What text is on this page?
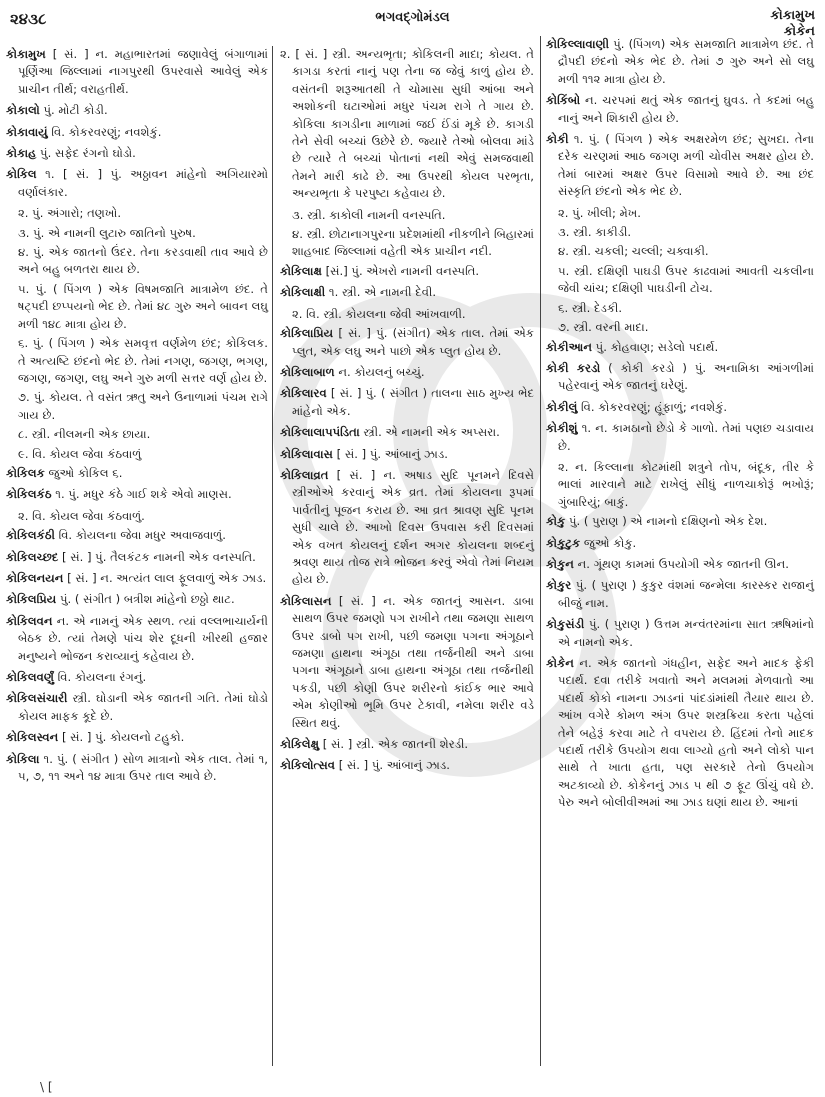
૨૪૩૮	ભગવદ્ગોમંડલ	કોકામુખ
કોકેન
કોકામુખ [ સં. ] ન. મહાભારતમાં જણાવેલું બંગાળામાં પૂર્ણિઆ જિલ્લામાં નાગપુરથી ઉપરવાસે આવેલું એક પ્રાચીન તીર્થ; વરાહતીર્થ.
કોકાલો પું. મોટી કોડી.
કોકાવાયું વિ. કોકરવરણું; નવશેકું.
કોકાહ પું. સફેદ રંગનો ઘોડો.
કોકિલ ૧. [ સં. ] પું. અઠ્ઠાવન માંહેનો અગિયારમો વર્ણાલંકાર.
૨. પું. અંગારો; તણખો.
૩. પું. એ નામની લુટારુ જાતિનો પુરુષ.
૪. પું. એક જાતનો ઉંદર. તેના કરડવાથી તાવ આવે છે અને બહુ બળતરા થાય છે.
૫. પું. ( પિંગળ ) એક વિષમજાતિ માત્રામેળ છંદ. તે ષટ્પદી છપ્પયનો ભેદ છે. તેમાં ૪૮ ગુરુ અને બાવન લઘુ મળી ૧૪૮ માત્રા હોય છે.
૬. પું. ( પિંગળ ) એક સમવૃત્ત વર્ણમેળ છંદ; કોકિલક. તે અત્યષ્ટિ છંદનો ભેદ છે. તેમાં નગણ, જગણ, ભગણ, જગણ, જગણ, લઘુ અને ગુરુ મળી સત્તર વર્ણ હોય છે.
૭. પું. કોયલ. તે વસંત ઋતુ અને ઉનાળામાં પંચમ રાગે ગાય છે.
૮. સ્ત્રી. નીલમની એક છાયા.
૯. વિ. કોયલ જેવા કંઠવાળું
કોકિલક જુઓ કોકિલ ૬.
કોકિલકંઠ ૧. પું. મધુર કંઠે ગાઈ શકે એવો માણસ.
૨. વિ. કોયલ જેવા કંઠવાળું.
કોકિલકંઠી વિ. કોયલના જેવા મધુર અવાજવાળું.
કોકિલચ્છદ [ સં. ] પું. તૈલકંટક નામની એક વનસ્પતિ.
કોકિલનયન [ સં. ] ન. અત્યંત લાલ ફૂલવાળું એક ઝાડ.
કોકિલપ્રિય પું. ( સંગીત ) બત્રીશ માંહેનો છઠ્ઠો થાટ.
કોકિલવન ન. એ નામનું એક સ્થળ. ત્યાં વલ્લભાચાર્યની બેઠક છે. ત્યાં તેમણે પાંચ શેર દૂધની ખીરથી હજાર મનુષ્યને ભોજન કરાવ્યાનું કહેવાય છે.
કોકિલવર્ણું વિ. કોયલના રંગનું.
કોકિલસંચારી સ્ત્રી. ઘોડાની એક જાતની ગતિ. તેમાં ઘોડો કોયલ માફક કૂદે છે.
કોકિલસ્વન [ સં. ] પું. કોયલનો ટહુકો.
કોકિલા ૧. પું. ( સંગીત ) સોળ માત્રાનો એક તાલ. તેમાં ૧, ૫, ૭, ૧૧ અને ૧૪ માત્રા ઉપર તાલ આવે છે.
૨. [ સં. ] સ્ત્રી. અન્યભૃતા; કોકિલની માદા; કોયલ. તે કાગડા કરતાં નાનું પણ તેના જ જેવું કાળું હોય છે. વસંતની શરૂઆતથી તે ચોમાસા સુધી આંબા અને અશોકની ઘટાઓમાં મધુર પંચમ રાગે તે ગાય છે. કોકિલા કાગડીના માળામાં જઈ ઈંડાં મૂકે છે. કાગડી તેને સેવી બચ્ચાં ઉછેરે છે. જ્યારે તેઓ બોલવા માંડે છે ત્યારે તે બચ્ચાં પોતાનાં નથી એવું સમજવાથી તેમને મારી કાઢે છે. આ ઉપરથી કોયલ પરભૃતા, અન્યભૃતા કે પરપુષ્ટા કહેવાય છે.
૩. સ્ત્રી. કાકોલી નામની વનસ્પતિ.
૪. સ્ત્રી. છોટાનાગપુરના પ્રદેશમાંથી નીકળીને બિહારમાં શાહબાદ જિલ્લામાં વહેતી એક પ્રાચીન નદી.
કોકિલાક્ષ [સં.] પું. એખરો નામની વનસ્પતિ.
કોકિલાક્ષી ૧. સ્ત્રી. એ નામની દેવી.
૨. વિ. સ્ત્રી. કોયલના જેવી આંખવાળી.
કોકિલાપ્રિય [ સં. ] પું. (સંગીત) એક તાલ. તેમાં એક પ્લુત, એક લઘુ અને પાછો એક પ્લુત હોય છે.
કોકિલાબાળ ન. કોયલનું બચ્ચું.
કોકિલારવ [ સં. ] પું. ( સંગીત ) તાલના સાઠ મુખ્ય ભેદ માંહેનો એક.
કોકિલાલાપપંડિતા સ્ત્રી. એ નામની એક અપ્સરા.
કોકિલાવાસ [ સં. ] પું. આંબાનું ઝાડ.
કોકિલાવ્રત [ સં. ] ન. અષાડ સુદિ પૂનમને દિવસે સ્ત્રીઓએ કરવાનું એક વ્રત. તેમાં કોયલના રૂપમાં પાર્વતીનું પૂજન કરાય છે. આ વ્રત શ્રાવણ સુદિ પૂનમ સુધી ચાલે છે. આખો દિવસ ઉપવાસ કરી દિવસમાં એક વખત કોયલનું દર્શન અગર કોયલના શબ્દનું શ્રવણ થાય તોજ રાત્રે ભોજન કરવું એવો તેમાં નિયમ હોય છે.
કોકિલાસન [ સં. ] ન. એક જાતનું આસન. ડાબા સાથળ ઉપર જમણો પગ રાખીને તથા જમણા સાથળ ઉપર ડાબો પગ રાખી, પછી જમણા પગના અંગૂઠાને જમણા હાથના અંગૂઠા તથા તર્જનીથી અને ડાબા પગના અંગૂઠાને ડાબા હાથના અંગૂઠા તથા તર્જનીથી પકડી, પછી કોણી ઉપર શરીરનો કાંઈક ભાર આવે એમ કોણીઓ ભૂમિ ઉપર ટેકાવી, નમેલા શરીર વડે સ્થિત થવું.
કોકિલેક્ષુ [ સં. ] સ્ત્રી. એક જાતની શેરડી.
કોકિલોત્સવ [ સં. ] પું. આંબાનું ઝાડ.
કોકિલ્લાવાણી પું. (પિંગળ) એક સમજાતિ માત્રામેળ છંદ. તે દ્રૌપદી છંદનો એક ભેદ છે. તેમાં ૭ ગુરુ અને સો લઘુ મળી ૧૧૨ માત્રા હોય છે.
કોકિંબો ન. ચરપમાં થતું એક જાતનું ઘુવડ. તે કદમાં બહુ નાનું અને શિકારી હોય છે.
કોકી ૧. પું. ( પિંગળ ) એક અક્ષરમેળ છંદ; સુખદા. તેના દરેક ચરણમાં આઠ જગણ મળી ચોવીસ અક્ષર હોય છે. તેમાં બારમાં અક્ષર ઉપર વિસામો આવે છે. આ છંદ સંસ્કૃતિ છંદનો એક ભેદ છે.
૨. પું. ખીલી; મેખ.
૩. સ્ત્રી. કાકીડી.
૪. સ્ત્રી. ચકલી; ચલ્લી; ચક્વાકી.
૫. સ્ત્રી. દક્ષિણી પાઘડી ઉપર કાઢવામાં આવતી ચકલીના જેવી ચાંચ; દક્ષિણી પાઘડીની ટોચ.
૬. સ્ત્રી. દેડકી.
૭. સ્ત્રી. વરની માદા.
કોકીઆન પું. કોહવાણ; સડેલો પદાર્થ.
કોકી કરડો ( કોકી કરડો ) પું. અનામિકા આંગળીમાં પહેરવાનું એક જાતનું ઘરેણું.
કોકીલું વિ. કોકરવરણું; હૂંફાળું; નવશેકું.
કોકીશું ૧. ન. કામઠાનો છેડો કે ગાળો. તેમાં પણછ ચડાવાય છે.
૨. ન. કિલ્લાના કોટમાંથી શત્રુને તોપ, બંદૂક, તીર કે ભાલાં મારવાને માટે રાખેલું સીધું નાળચાકોરૂં ભખોરૂં; ગુંબારિયું; બાકું.
કોકુ પું. ( પુરાણ ) એ નામનો દક્ષિણનો એક દેશ.
કોકુટુક જુઓ કોકુ.
કોકુન ન. ગૂંથણ કામમાં ઉપયોગી એક જાતની ઊન.
કોકુર પું. ( પુરાણ ) કુકુર વંશમાં જન્મેલા કારસ્કર રાજાનું બીજું નામ.
કોકુસંડી પું. ( પુરાણ ) ઉત્તમ મન્વંતરમાંના સાત ઋષિમાંનો એ નામનો એક.
કોકેન ન. એક જાતનો ગંધહીન, સફેદ અને માદક ફેકી પદાર્થ. દવા તરીકે ખવાતો અને મલમમાં મેળવાતો આ પદાર્થ કોકો નામના ઝાડનાં પાંદડાંમાંથી તૈયાર થાય છે. આંખ વગેરે કોમળ અંગ ઉપર શસ્ત્રક્રિયા કરતા પહેલાં તેને બહેરૂં કરવા માટે તે વપરાય છે. હિંદમાં તેનો માદક પદાર્થ તરીકે ઉપયોગ થવા લાગ્યો હતો અને લોકો પાન સાથે તે ખાતા હતા, પણ સરકારે તેનો ઉપયોગ અટકાવ્યો છે. કોકેનનું ઝાડ ૫ થી ૭ ફૂટ ઊંચું વધે છે. પેરુ અને બોલીવીઅમાં આ ઝાડ ઘણાં થાય છે. આનાં
\ [
